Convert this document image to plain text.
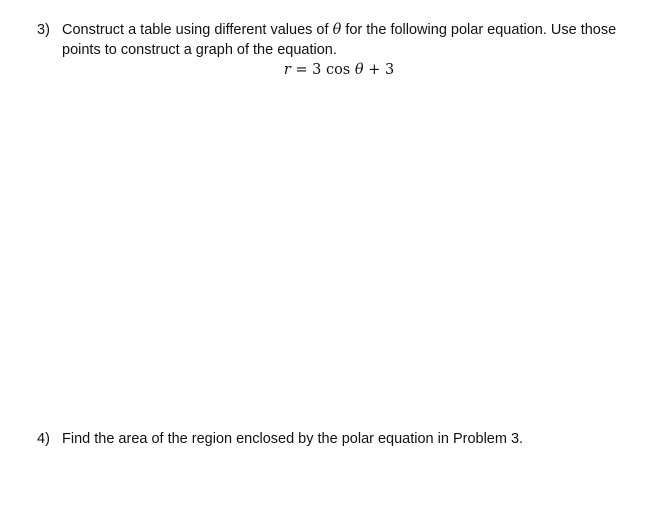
3) Construct a table using different values of θ for the following polar equation. Use those
points to construct a graph of the equation.
r = 3 cos θ + 3
4) Find the area of the region enclosed by the polar equation in Problem 3.
